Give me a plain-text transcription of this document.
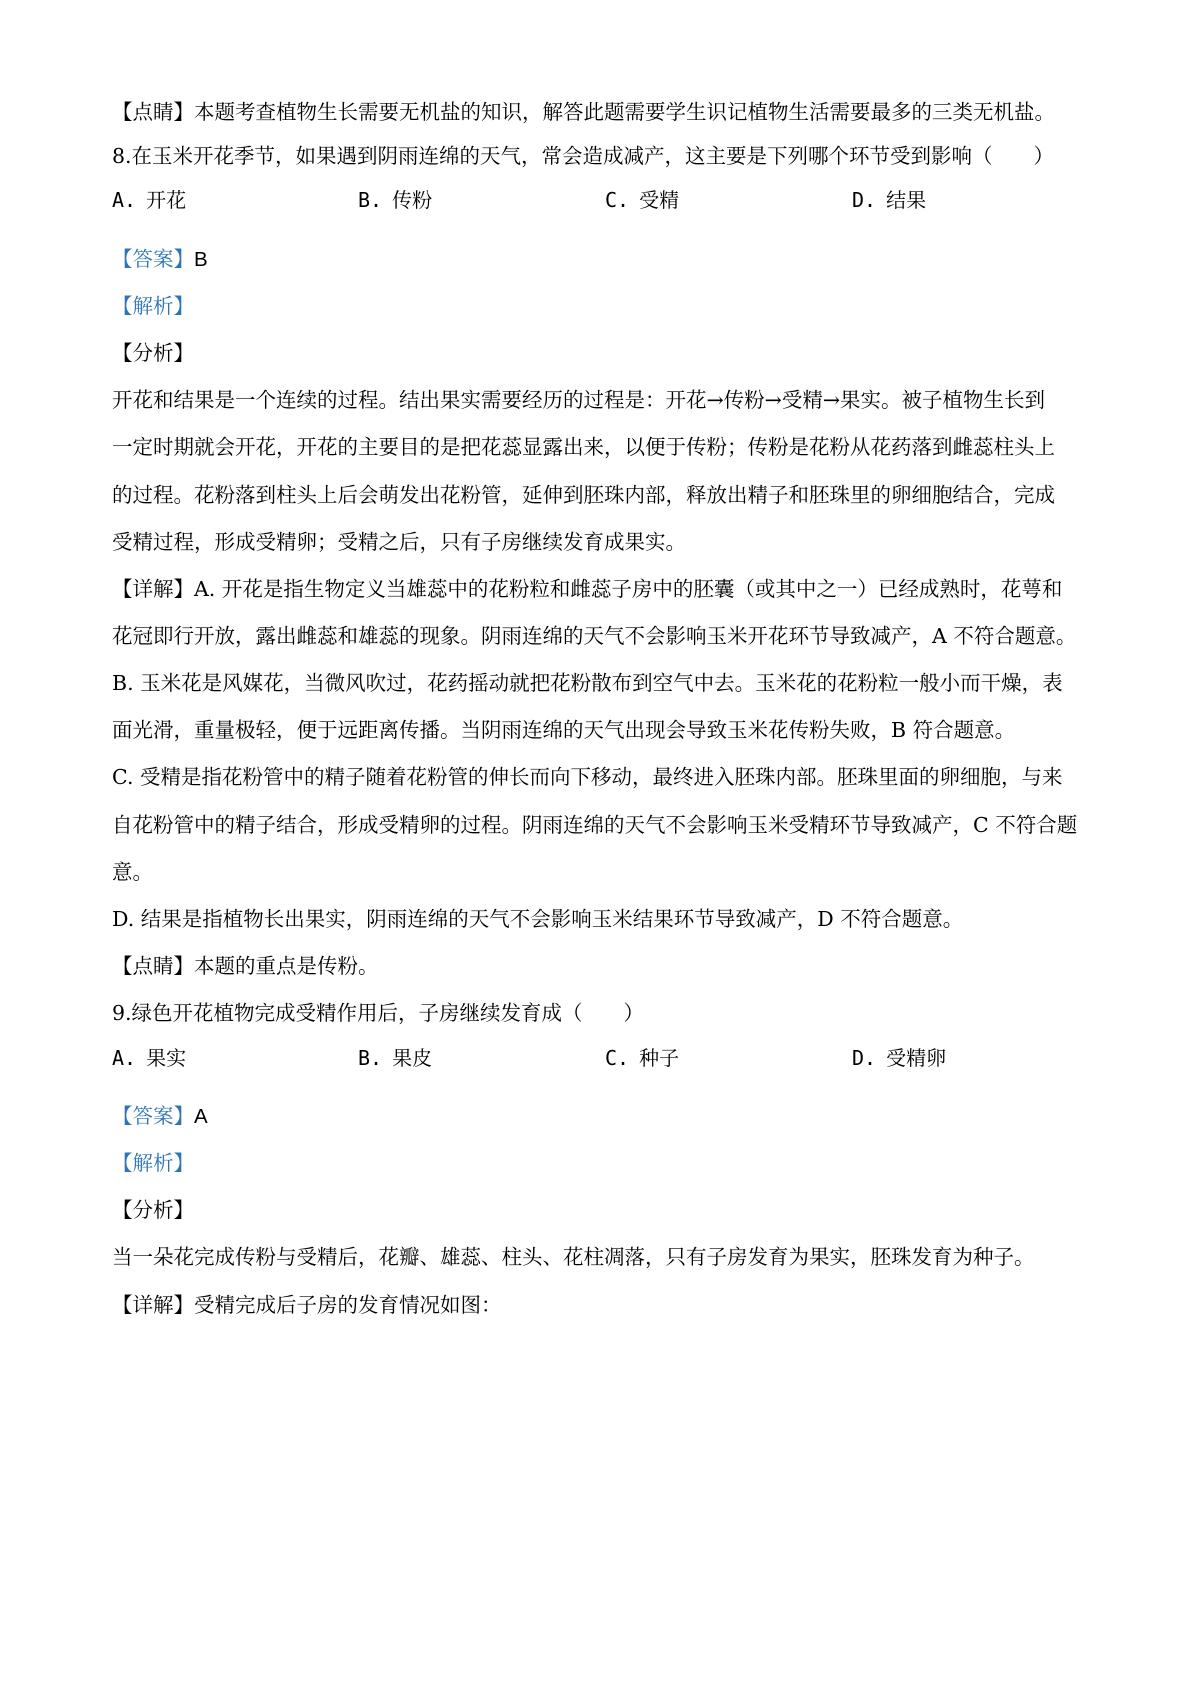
【点睛】本题考查植物生长需要无机盐的知识，解答此题需要学生识记植物生活需要最多的三类无机盐。
8.在玉米开花季节，如果遇到阴雨连绵的天气，常会造成减产，这主要是下列哪个环节受到影响（　　）
A. 开花	B. 传粉	C. 受精	D. 结果
【答案】B
【解析】
【分析】
开花和结果是一个连续的过程。结出果实需要经历的过程是：开花→传粉→受精→果实。被子植物生长到
一定时期就会开花，开花的主要目的是把花蕊显露出来，以便于传粉；传粉是花粉从花药落到雌蕊柱头上
的过程。花粉落到柱头上后会萌发出花粉管，延伸到胚珠内部，释放出精子和胚珠里的卵细胞结合，完成
受精过程，形成受精卵；受精之后，只有子房继续发育成果实。
【详解】A. 开花是指生物定义当雄蕊中的花粉粒和雌蕊子房中的胚囊（或其中之一）已经成熟时，花萼和
花冠即行开放，露出雌蕊和雄蕊的现象。阴雨连绵的天气不会影响玉米开花环节导致减产，A 不符合题意。
B. 玉米花是风媒花，当微风吹过，花药摇动就把花粉散布到空气中去。玉米花的花粉粒一般小而干燥，表
面光滑，重量极轻，便于远距离传播。当阴雨连绵的天气出现会导致玉米花传粉失败，B 符合题意。
C. 受精是指花粉管中的精子随着花粉管的伸长而向下移动，最终进入胚珠内部。胚珠里面的卵细胞，与来
自花粉管中的精子结合，形成受精卵的过程。阴雨连绵的天气不会影响玉米受精环节导致减产，C 不符合题
意。
D. 结果是指植物长出果实，阴雨连绵的天气不会影响玉米结果环节导致减产，D 不符合题意。
【点睛】本题的重点是传粉。
9.绿色开花植物完成受精作用后，子房继续发育成（　　）
A. 果实	B. 果皮	C. 种子	D. 受精卵
【答案】A
【解析】
【分析】
当一朵花完成传粉与受精后，花瓣、雄蕊、柱头、花柱凋落，只有子房发育为果实，胚珠发育为种子。
【详解】受精完成后子房的发育情况如图：
